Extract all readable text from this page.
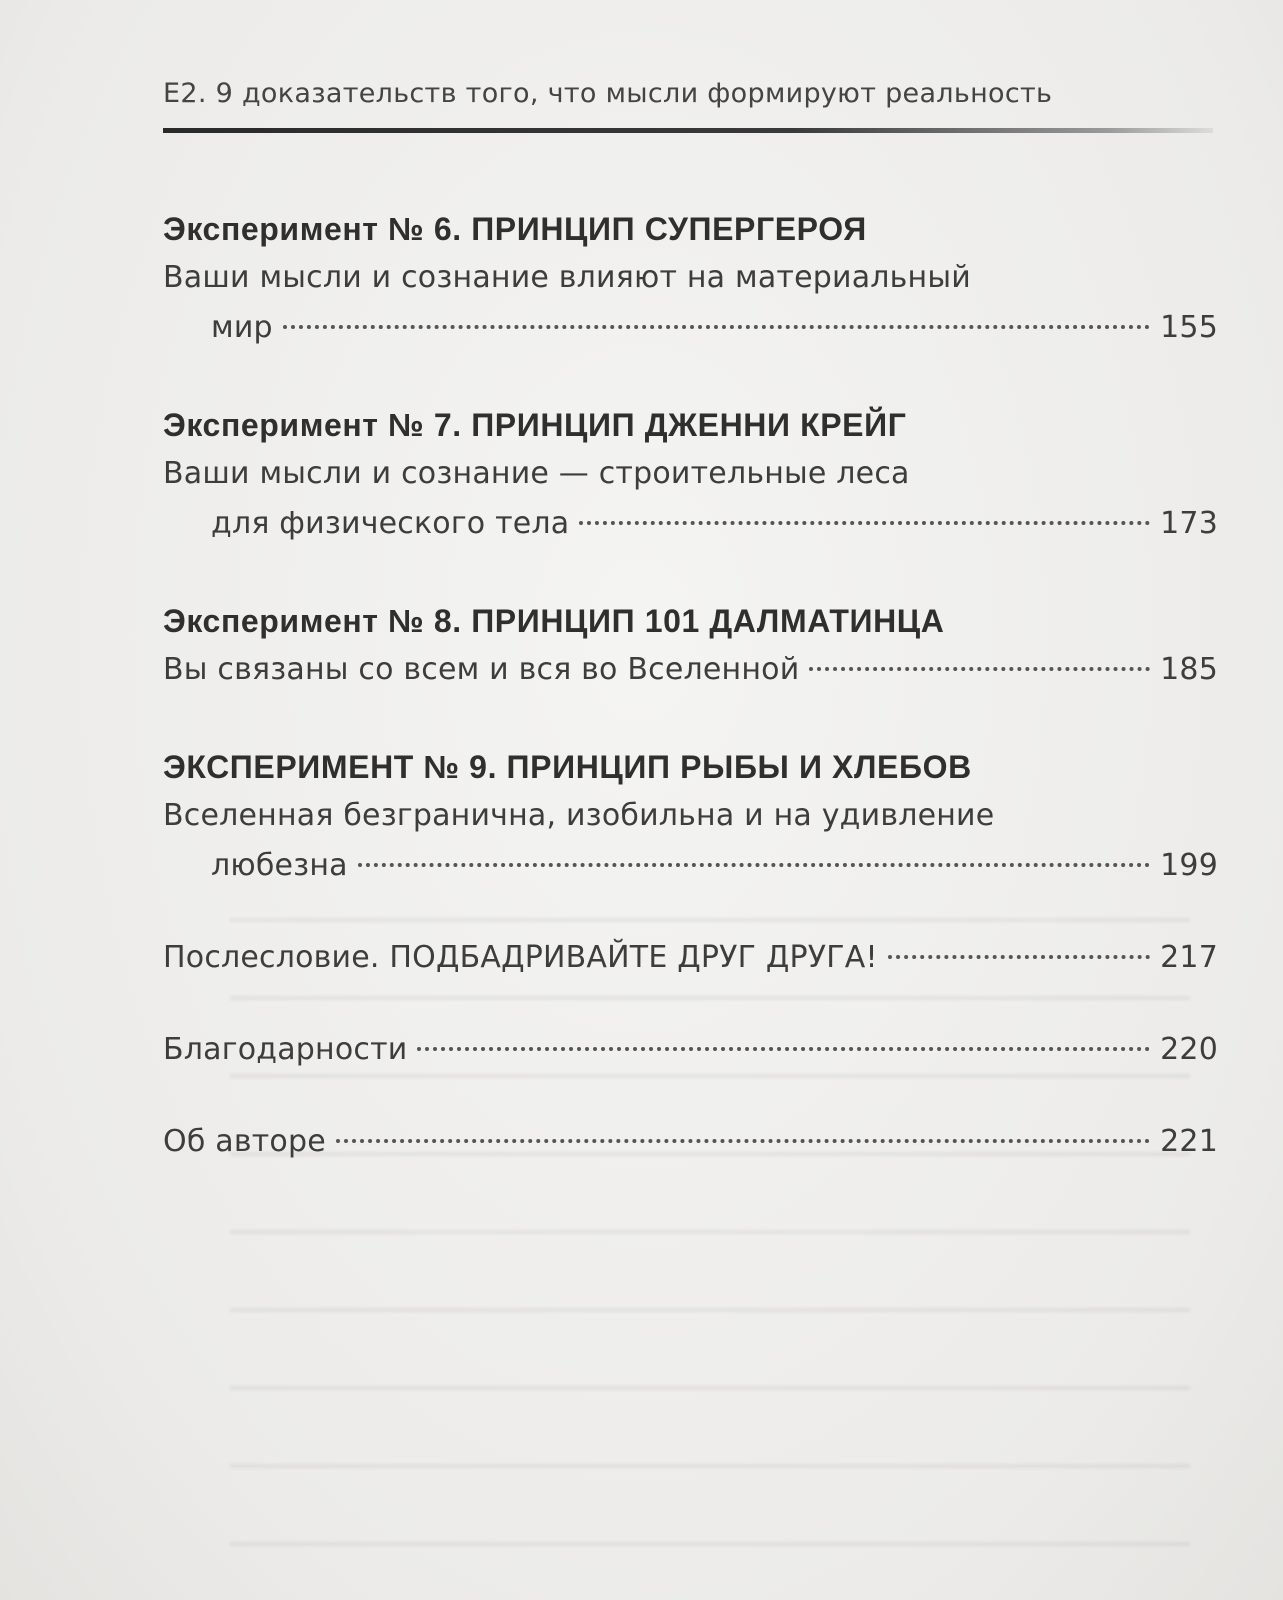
Е2. 9 доказательств того, что мысли формируют реальность
Эксперимент № 6. ПРИНЦИП СУПЕРГЕРОЯ
Ваши мысли и сознание влияют на материальный
мир	155
Эксперимент № 7. ПРИНЦИП ДЖЕННИ КРЕЙГ
Ваши мысли и сознание — строительные леса
для физического тела	173
Эксперимент № 8. ПРИНЦИП 101 ДАЛМАТИНЦА
Вы связаны со всем и вся во Вселенной	185
ЭКСПЕРИМЕНТ № 9. ПРИНЦИП РЫБЫ И ХЛЕБОВ
Вселенная безгранична, изобильна и на удивление
любезна	199
Послесловие. ПОДБАДРИВАЙТЕ ДРУГ ДРУГА!	217
Благодарности	220
Об авторе	221
